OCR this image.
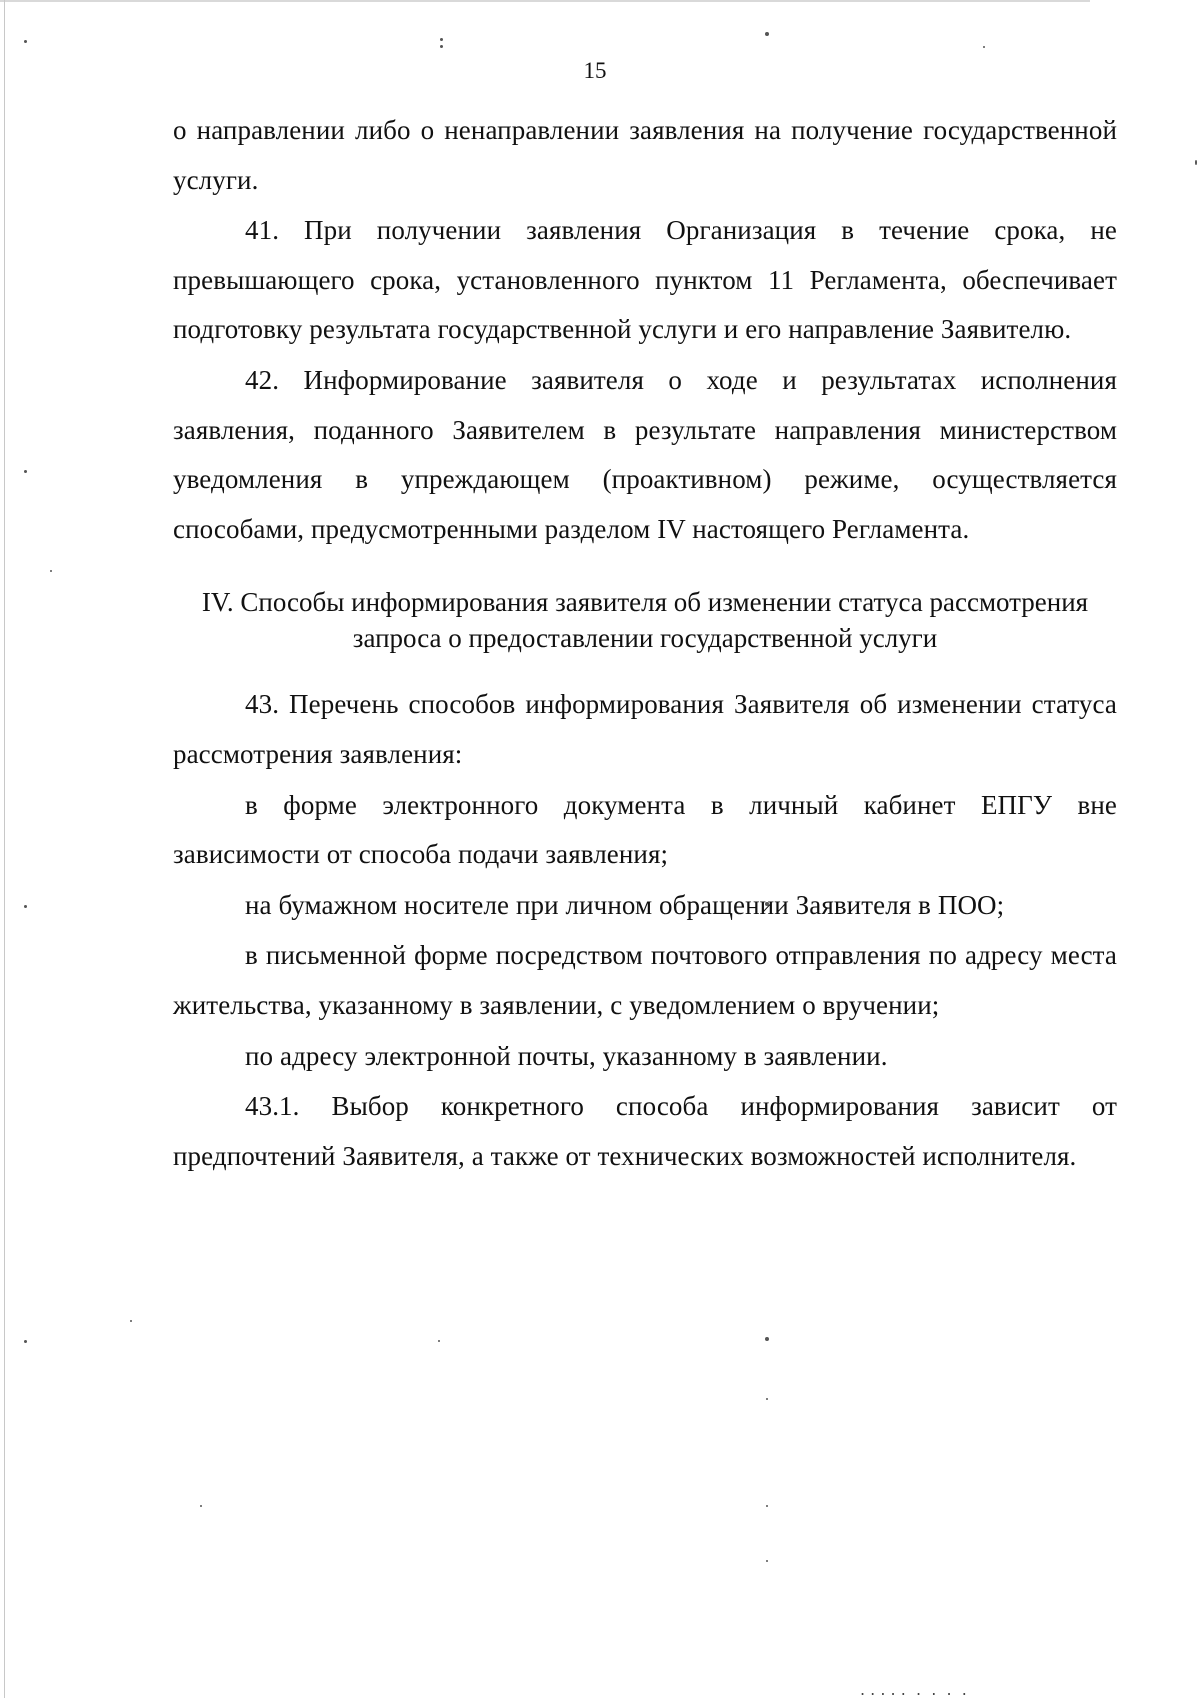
. . . . .  .  .  .  .
15

о направлении либо о ненаправлении заявления на получение государственной услуги.

41. При получении заявления Организация в течение срока, не превышающего срока, установленного пунктом 11 Регламента, обеспечивает подготовку результата государственной услуги и его направление Заявителю.

42. Информирование заявителя о ходе и результатах исполнения заявления, поданного Заявителем в результате направления министерством уведомления в упреждающем (проактивном) режиме, осуществляется способами, предусмотренными разделом IV настоящего Регламента.

IV. Способы информирования заявителя об изменении статуса рассмотрения
запроса о предоставлении государственной услуги

43. Перечень способов информирования Заявителя об изменении статуса рассмотрения заявления:

в форме электронного документа в личный кабинет ЕПГУ вне зависимости от способа подачи заявления;

на бумажном носителе при личном обращении Заявителя в ПОО;

в письменной форме посредством почтового отправления по адресу места жительства, указанному в заявлении, с уведомлением о вручении;

по адресу электронной почты, указанному в заявлении.

43.1. Выбор конкретного способа информирования зависит от предпочтений Заявителя, а также от технических возможностей исполнителя.
